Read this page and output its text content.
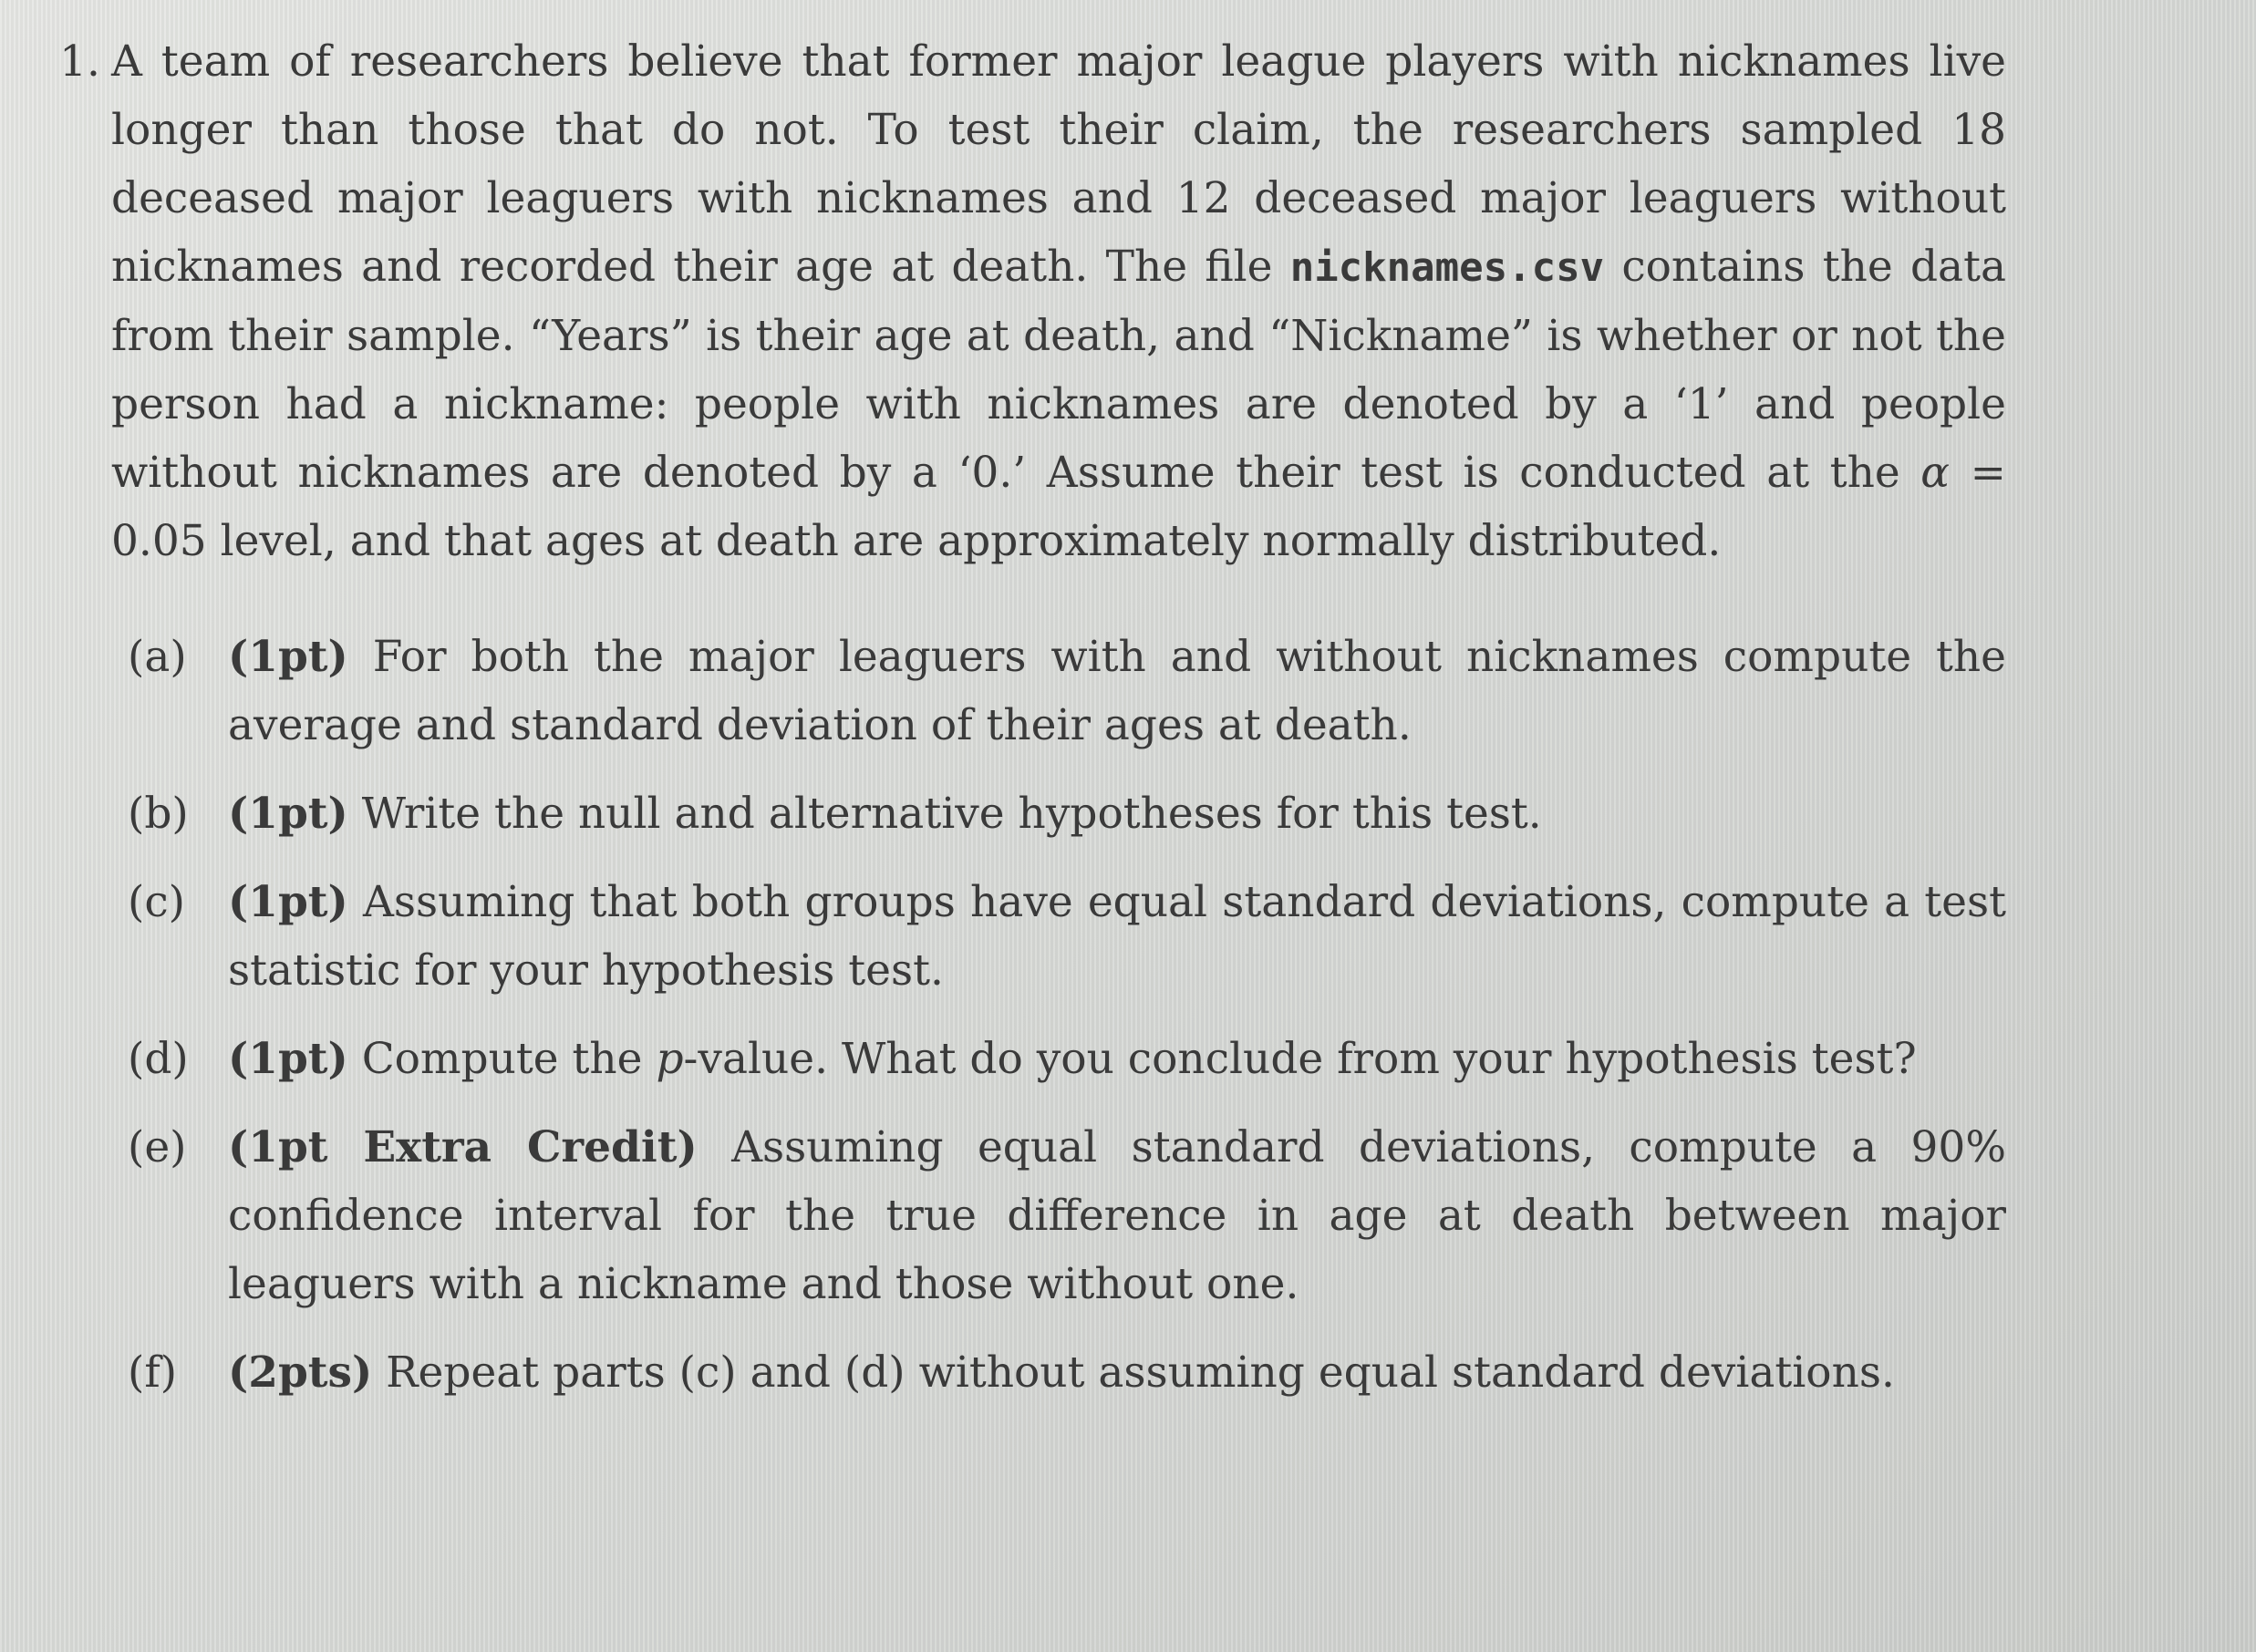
1. A team of researchers believe that former major league players with nicknames live longer than those that do not. To test their claim, the researchers sampled 18 deceased major leaguers with nicknames and 12 deceased major leaguers without nicknames and recorded their age at death. The file nicknames.csv contains the data from their sample. “Years” is their age at death, and “Nickname” is whether or not the person had a nickname: people with nicknames are denoted by a ‘1’ and people without nicknames are denoted by a ‘0.’ Assume their test is conducted at the α = 0.05 level, and that ages at death are approximately normally distributed.
(a) (1pt) For both the major leaguers with and without nicknames compute the average and standard deviation of their ages at death.
(b) (1pt) Write the null and alternative hypotheses for this test.
(c)	(1pt) Assuming that both groups have equal standard deviations, compute a test statistic for your hypothesis test.
(d) (1pt) Compute the p-value. What do you conclude from your hypothesis test?
(e) (1pt Extra Credit) Assuming equal standard deviations, compute a 90% confidence interval for the true difference in age at death between major leaguers with a nickname and those without one.
(f)	(2pts) Repeat parts (c) and (d) without assuming equal standard deviations.
